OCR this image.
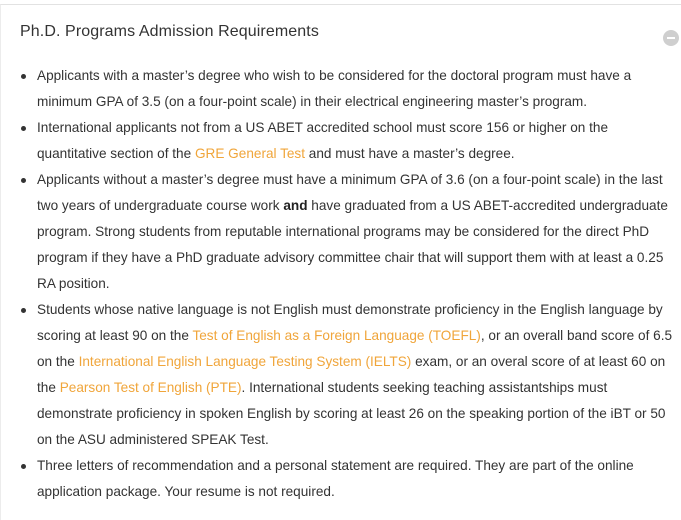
Ph.D. Programs Admission Requirements
Applicants with a master’s degree who wish to be considered for the doctoral program must have a minimum GPA of 3.5 (on a four-point scale) in their electrical engineering master’s program.
International applicants not from a US ABET accredited school must score 156 or higher on the quantitative section of the GRE General Test and must have a master’s degree.
Applicants without a master’s degree must have a minimum GPA of 3.6 (on a four-point scale) in the last two years of undergraduate course work and have graduated from a US ABET-accredited undergraduate program. Strong students from reputable international programs may be considered for the direct PhD program if they have a PhD graduate advisory committee chair that will support them with at least a 0.25 RA position.
Students whose native language is not English must demonstrate proficiency in the English language by scoring at least 90 on the Test of English as a Foreign Language (TOEFL), or an overall band score of 6.5 on the International English Language Testing System (IELTS) exam, or an overal score of at least 60 on the Pearson Test of English (PTE). International students seeking teaching assistantships must demonstrate proficiency in spoken English by scoring at least 26 on the speaking portion of the iBT or 50 on the ASU administered SPEAK Test.
Three letters of recommendation and a personal statement are required. They are part of the online application package. Your resume is not required.
